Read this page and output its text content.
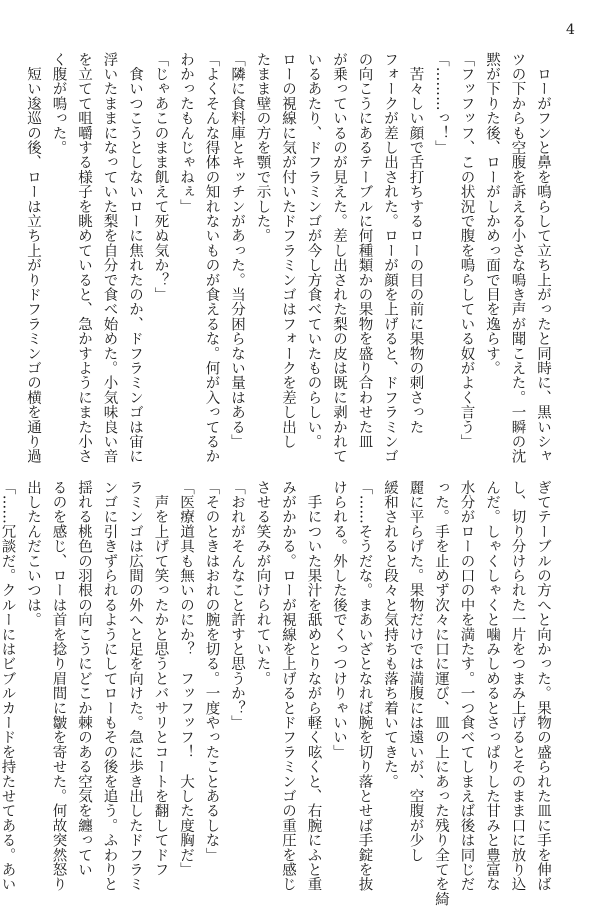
4
　ローがフンと鼻を鳴らして立ち上がったと同時に、黒いシャ
ツの下からも空腹を訴える小さな鳴き声が聞こえた。一瞬の沈
黙が下りた後、ローがしかめっ面で目を逸らす。
「フッフッフ、この状況で腹を鳴らしている奴がよく言う」
「………っ！」
　苦々しい顔で舌打ちするローの目の前に果物の刺さった
フォークが差し出された。ローが顔を上げると、ドフラミンゴ
の向こうにあるテーブルに何種類かの果物を盛り合わせた皿
が乗っているのが見えた。差し出された梨の皮は既に剥かれて
いるあたり、ドフラミンゴが今し方食べていたものらしい。
ローの視線に気が付いたドフラミンゴはフォークを差し出し
たまま壁の方を顎で示した。
「隣に食料庫とキッチンがあった。当分困らない量はある」
「よくそんな得体の知れないものが食えるな。何が入ってるか
わかったもんじゃねぇ」
「じゃあこのまま飢えて死ぬ気か？」
　食いつこうとしないローに焦れたのか、ドフラミンゴは宙に
浮いたままになっていた梨を自分で食べ始めた。小気味良い音
を立てて咀嚼する様子を眺めていると、急かすようにまた小さ
く腹が鳴った。
　短い逡巡の後、ローは立ち上がりドフラミンゴの横を通り過
ぎてテーブルの方へと向かった。果物の盛られた皿に手を伸ば
し、切り分けられた一片をつまみ上げるとそのまま口に放り込
んだ。しゃくしゃくと噛みしめるとさっぱりした甘みと豊富な
水分がローの口の中を満たす。一つ食べてしまえば後は同じだ
った。手を止めず次々に口に運び、皿の上にあった残り全てを綺
麗に平らげた。果物だけでは満腹には遠いが、空腹が少し
緩和されると段々と気持ちも落ち着いてきた。
「……そうだな。まあいざとなれば腕を切り落とせば手錠を抜
けられる。外した後でくっつけりゃいい」
　手についた果汁を舐めとりながら軽く呟くと、右腕にふと重
みがかかる。ローが視線を上げるとドフラミンゴの重圧を感じ
させる笑みが向けられていた。
「おれがそんなこと許すと思うか？」
「そのときはおれの腕を切る。一度やったことあるしな」
「医療道具も無いのにか？　フッフッフ！　大した度胸だ」
　声を上げて笑ったかと思うとバサリとコートを翻してドフ
ラミンゴは広間の外へと足を向けた。急に歩き出したドフラミ
ンゴに引きずられるようにしてローもその後を追う。ふわりと
揺れる桃色の羽根の向こうにどこか棘のある空気を纏ってい
るのを感じ、ローは首を捻り眉間に皺を寄せた。何故突然怒り
出したんだこいつは。
「……冗談だ。クルーにはビブルカードを持たせてある。あい
